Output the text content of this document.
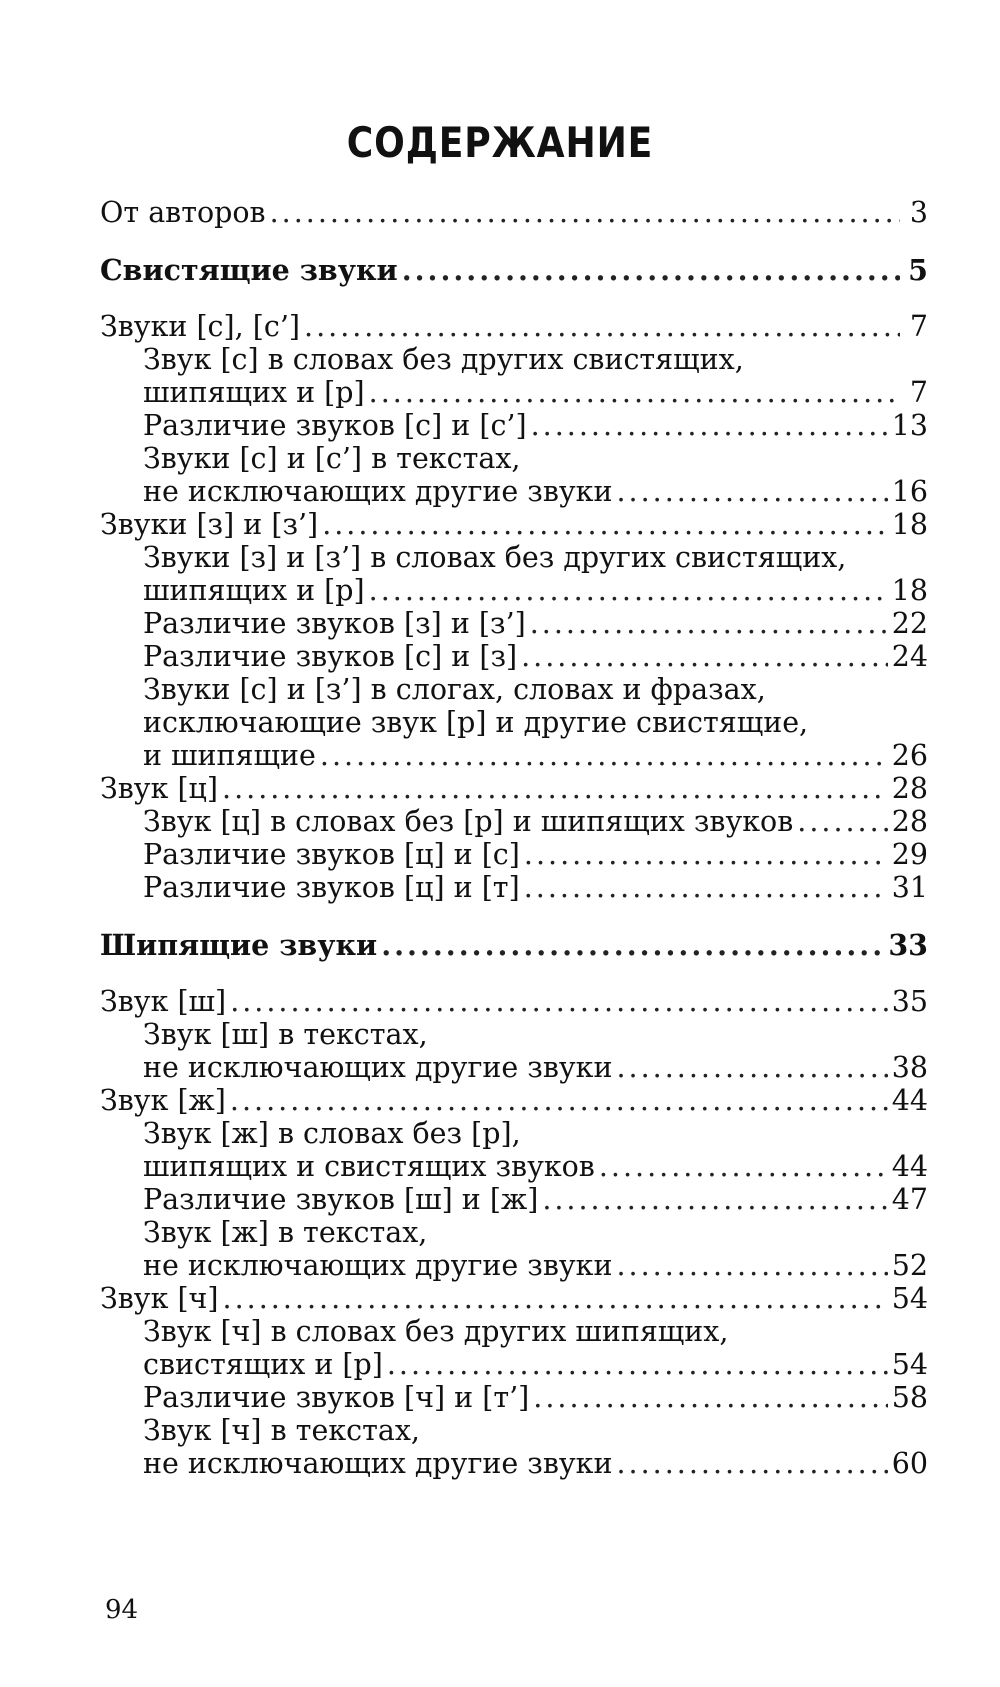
СОДЕРЖАНИЕ
От авторов .....	3
Свистящие звуки .....	5
Звуки [с], [с’] .....	7
Звук [с] в словах без других свистящих,
шипящих и [р] .....	7
Различие звуков [с] и [с’] .....	13
Звуки [с] и [с’] в текстах,
не исключающих другие звуки .....	16
Звуки [з] и [з’] .....	18
Звуки [з] и [з’] в словах без других свистящих,
шипящих и [р] .....	18
Различие звуков [з] и [з’] .....	22
Различие звуков [с] и [з] .....	24
Звуки [с] и [з’] в слогах, словах и фразах,
исключающие звук [р] и другие свистящие,
и шипящие .....	26
Звук [ц] .....	28
Звук [ц] в словах без [р] и шипящих звуков .....	28
Различие звуков [ц] и [с] .....	29
Различие звуков [ц] и [т] .....	31
Шипящие звуки .....	33
Звук [ш] .....	35
Звук [ш] в текстах,
не исключающих другие звуки .....	38
Звук [ж] .....	44
Звук [ж] в словах без [р],
шипящих и свистящих звуков .....	44
Различие звуков [ш] и [ж] .....	47
Звук [ж] в текстах,
не исключающих другие звуки .....	52
Звук [ч] .....	54
Звук [ч] в словах без других шипящих,
свистящих и [р] .....	54
Различие звуков [ч] и [т’] .....	58
Звук [ч] в текстах,
не исключающих другие звуки .....	60
94
